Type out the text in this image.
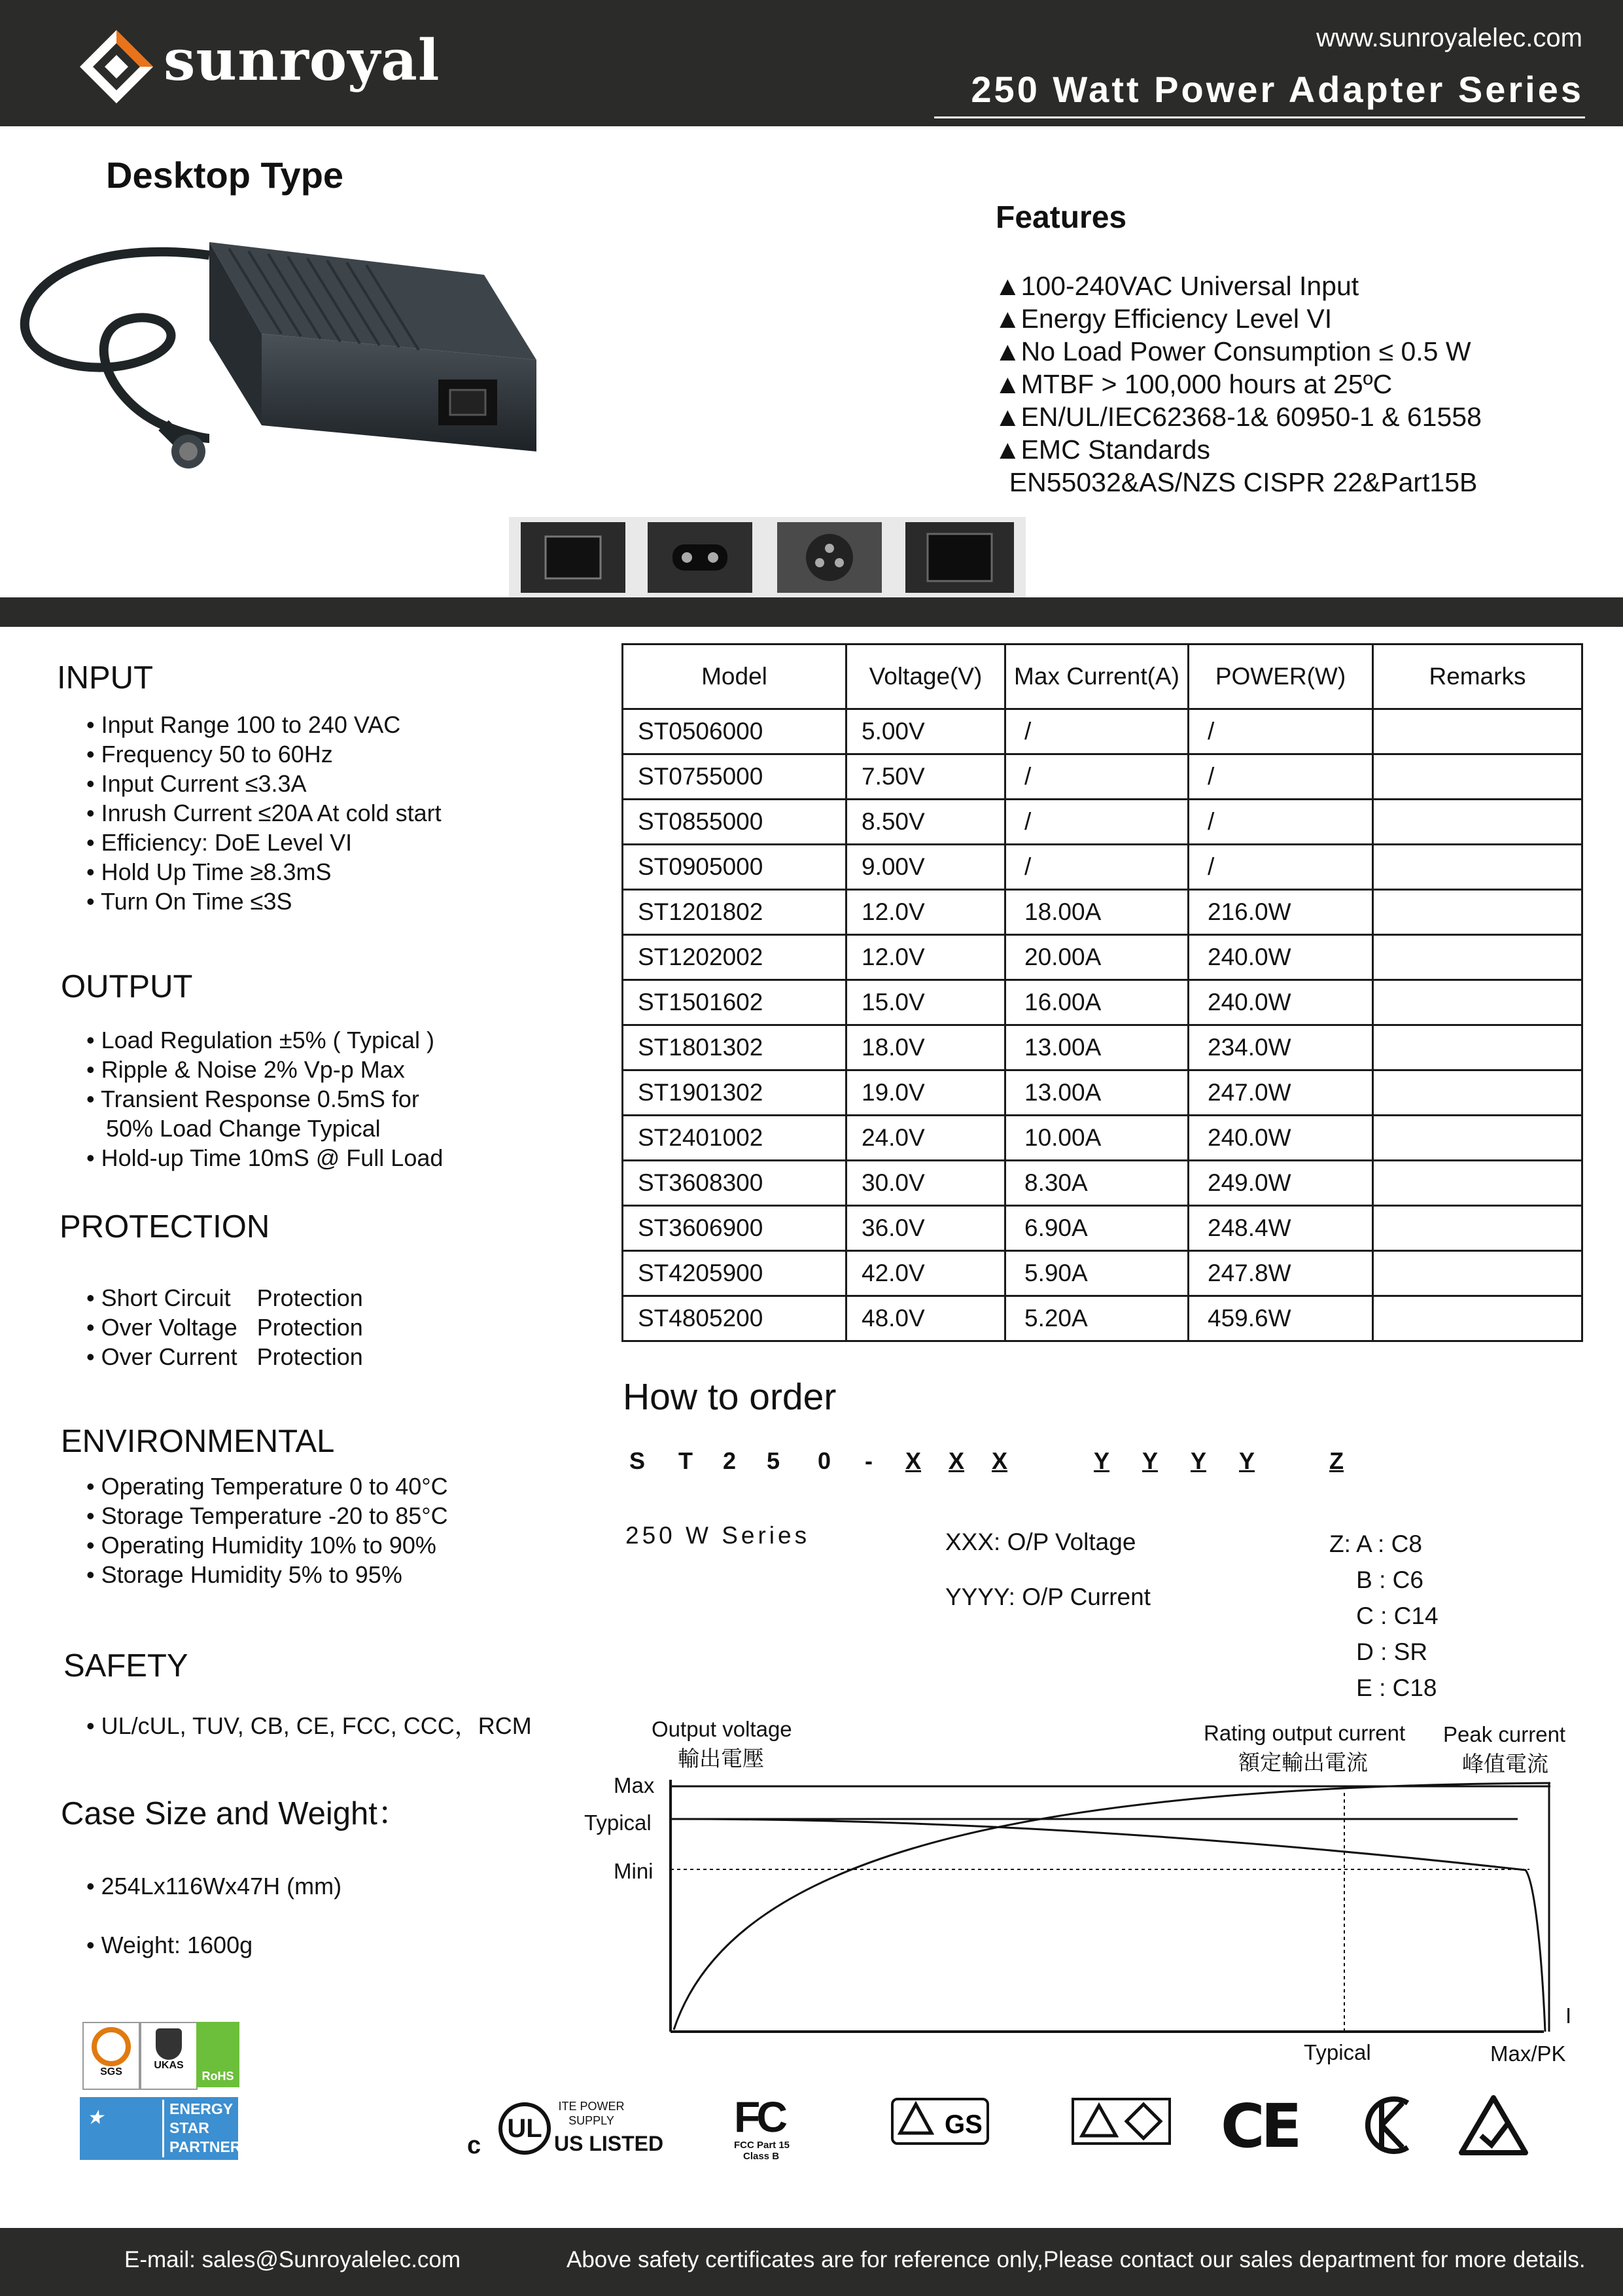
sunroyal	www.sunroyalelec.com
250 Watt Power Adapter Series
Desktop Type
Features
▲100-240VAC Universal Input
▲Energy Efficiency Level VI
▲No Load Power Consumption ≤ 0.5 W
▲MTBF > 100,000 hours at 25ºC
▲EN/UL/IEC62368-1& 60950-1 & 61558
▲EMC Standards
EN55032&AS/NZS CISPR 22&Part15B
INPUT
• Input Range 100 to 240 VAC
• Frequency 50 to 60Hz
• Input Current ≤3.3A
• Inrush Current ≤20A At cold start
• Efficiency: DoE Level VI
• Hold Up Time ≥8.3mS
• Turn On Time ≤3S
OUTPUT
• Load Regulation ±5% ( Typical )
• Ripple & Noise 2% Vp-p Max
• Transient Response 0.5mS for
50% Load Change Typical
• Hold-up Time 10mS @ Full Load
PROTECTION
• Short Circuit    Protection
• Over Voltage   Protection
• Over Current   Protection
ENVIRONMENTAL
• Operating Temperature 0 to 40°C
• Storage Temperature -20 to 85°C
• Operating Humidity 10% to 90%
• Storage Humidity 5% to 95%
SAFETY
• UL/cUL, TUV, CB, CE, FCC, CCC，RCM
Case Size and Weight：
• 254Lx116Wx47H (mm)
• Weight: 1600g
Model	Voltage(V)	Max Current(A)	POWER(W)	Remarks
ST0506000	5.00V	/	/	
ST0755000	7.50V	/	/	
ST0855000	8.50V	/	/	
ST0905000	9.00V	/	/	
ST1201802	12.0V	18.00A	216.0W	
ST1202002	12.0V	20.00A	240.0W	
ST1501602	15.0V	16.00A	240.0W	
ST1801302	18.0V	13.00A	234.0W	
ST1901302	19.0V	13.00A	247.0W	
ST2401002	24.0V	10.00A	240.0W	
ST3608300	30.0V	8.30A	249.0W	
ST3606900	36.0V	6.90A	248.4W	
ST4205900	42.0V	5.90A	247.8W	
ST4805200	48.0V	5.20A	459.6W	
How to order
S T 2 5 0 - X X X	Y Y Y Y	Z
250 W Series	XXX: O/P Voltage
YYYY: O/P Current
Z: A : C8
B : C6
C : C14
D : SR
E : C18
Output voltage
輸出電壓
Rating output current
額定輸出電流
Peak current
峰值電流
Max
Typical
Mini
Typical	Max/PK
I
SGS
UKAS
RoHS
★	ENERGY
STAR
PARTNER
UL
c
ITE POWER
SUPPLY
US LISTED
FC
FCC Part 15
Class B
GS	CE
E-mail: sales@Sunroyalelec.com	Above safety certificates are for reference only,Please contact our sales department for more details.
